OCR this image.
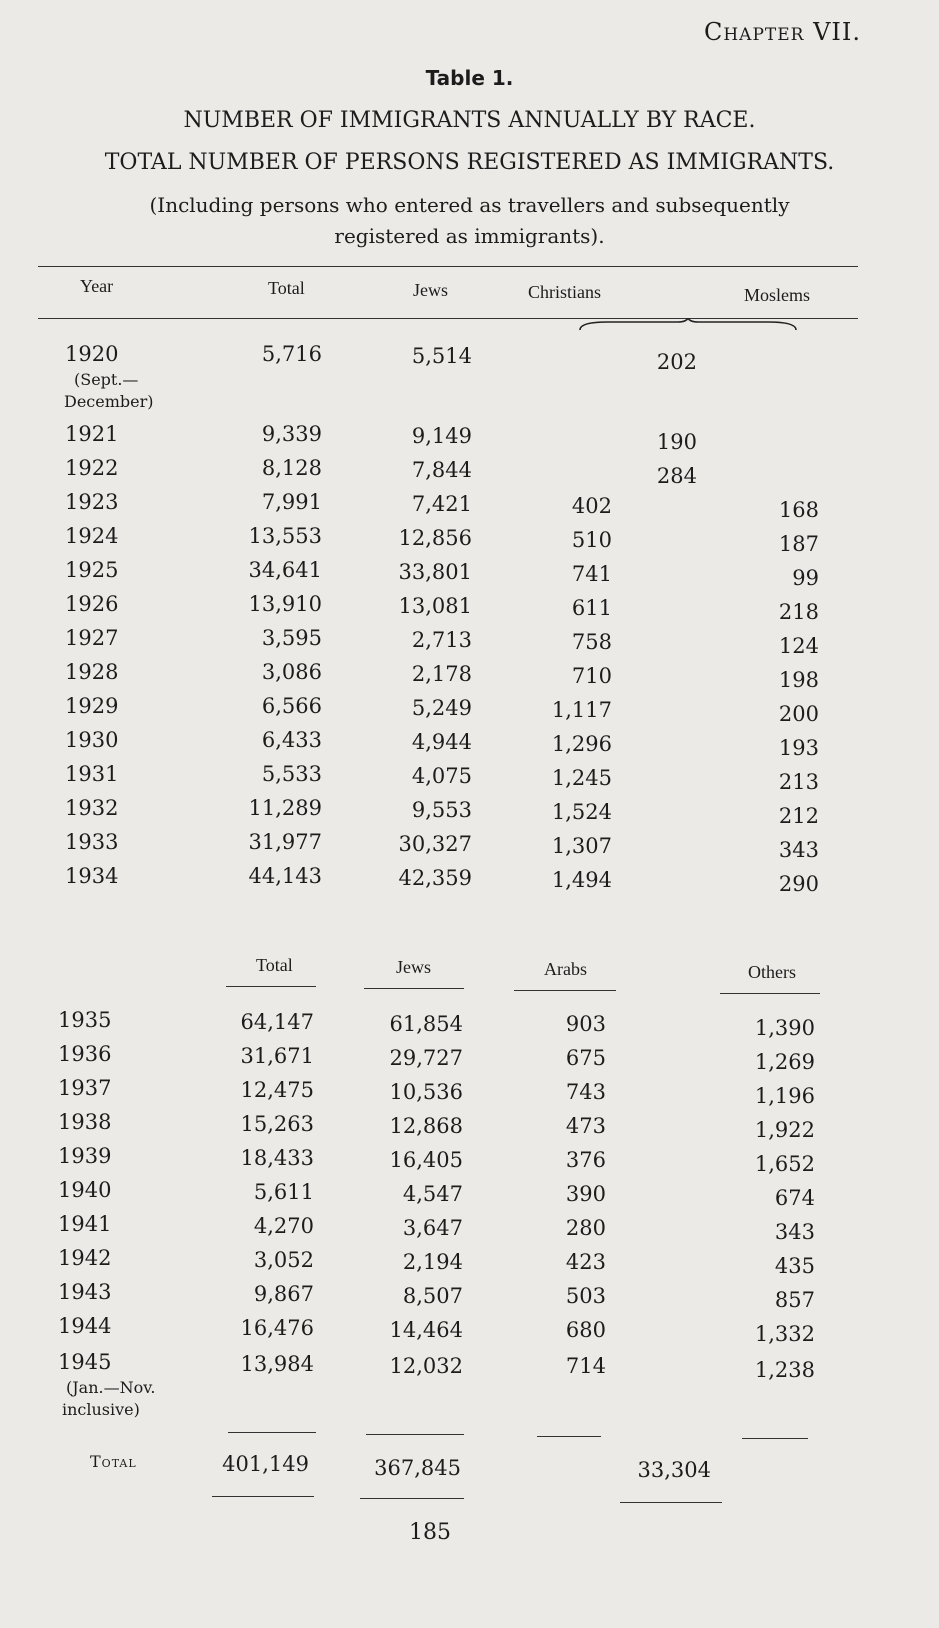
Chapter VII.
Table 1.
NUMBER OF IMMIGRANTS ANNUALLY BY RACE.
TOTAL NUMBER OF PERSONS REGISTERED AS IMMIGRANTS.
(Including persons who entered as travellers and subsequently
registered as immigrants).
Year	Total	Jews	Christians	Moslems
1920	5,716	5,514	202
(Sept.—
December)
1921	9,339	9,149	190
1922	8,128	7,844	284
1923	7,991	7,421	402	168
1924	13,553	12,856	510	187
1925	34,641	33,801	741	99
1926	13,910	13,081	611	218
1927	3,595	2,713	758	124
1928	3,086	2,178	710	198
1929	6,566	5,249	1,117	200
1930	6,433	4,944	1,296	193
1931	5,533	4,075	1,245	213
1932	11,289	9,553	1,524	212
1933	31,977	30,327	1,307	343
1934	44,143	42,359	1,494	290
Total	Jews	Arabs	Others
1935	64,147	61,854	903	1,390
1936	31,671	29,727	675	1,269
1937	12,475	10,536	743	1,196
1938	15,263	12,868	473	1,922
1939	18,433	16,405	376	1,652
1940	5,611	4,547	390	674
1941	4,270	3,647	280	343
1942	3,052	2,194	423	435
1943	9,867	8,507	503	857
1944	16,476	14,464	680	1,332
1945	13,984	12,032	714	1,238
(Jan.—Nov.
inclusive)
Total	401,149	367,845	33,304
185
